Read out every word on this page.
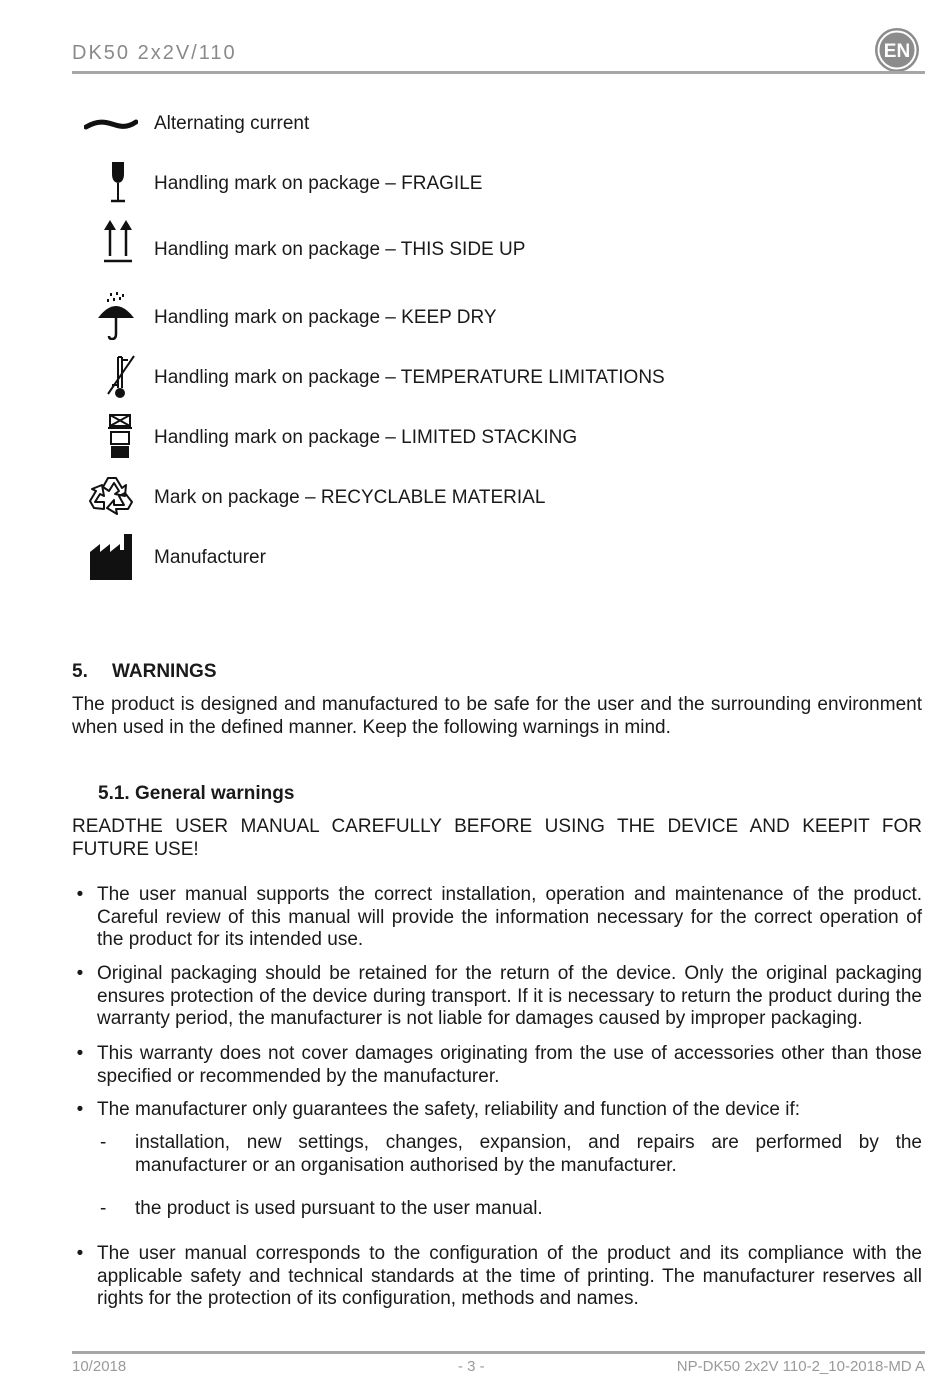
DK50 2x2V/110	EN
Alternating current
Handling mark on package – FRAGILE
Handling mark on package – THIS SIDE UP
Handling mark on package – KEEP DRY
Handling mark on package – TEMPERATURE LIMITATIONS
Handling mark on package – LIMITED STACKING
Mark on package – RECYCLABLE MATERIAL
Manufacturer
5. WARNINGS
The product is designed and manufactured to be safe for the user and the surrounding environment when used in the defined manner. Keep the following warnings in mind.
5.1. General warnings
READTHE USER MANUAL CAREFULLY BEFORE USING THE DEVICE AND KEEPIT FOR FUTURE USE!
• The user manual supports the correct installation, operation and maintenance of the product. Careful review of this manual will provide the information necessary for the correct operation of the product for its intended use.
• Original packaging should be retained for the return of the device. Only the original packaging ensures protection of the device during transport. If it is necessary to return the product during the warranty period, the manufacturer is not liable for damages caused by improper packaging.
• This warranty does not cover damages originating from the use of accessories other than those specified or recommended by the manufacturer.
• The manufacturer only guarantees the safety, reliability and function of the device if:
- installation, new settings, changes, expansion, and repairs are performed by the manufacturer or an organisation authorised by the manufacturer.
- the product is used pursuant to the user manual.
• The user manual corresponds to the configuration of the product and its compliance with the applicable safety and technical standards at the time of printing. The manufacturer reserves all rights for the protection of its configuration, methods and names.
10/2018	- 3 -	NP-DK50 2x2V 110-2_10-2018-MD A
